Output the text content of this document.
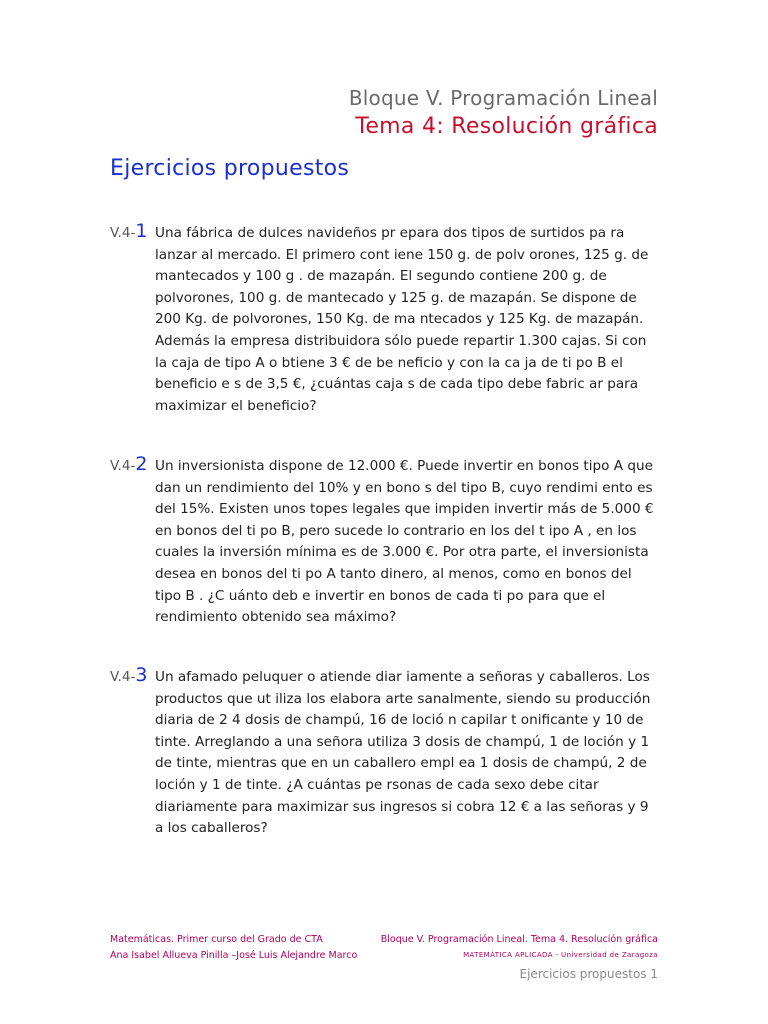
Bloque V. Programación Lineal
Tema 4: Resolución gráfica
Ejercicios propuestos
V.4-1 Una fábrica de dulces navideños pr epara dos tipos de surtidos pa ra
lanzar al mercado. El primero cont iene 150 g. de polv orones, 125 g. de
mantecados y 100 g . de mazapán. El segundo contiene 200 g. de
polvorones, 100 g. de mantecado y 125 g. de mazapán. Se dispone de
200 Kg. de polvorones, 150 Kg. de ma ntecados y 125 Kg. de mazapán.
Además la empresa distribuidora sólo puede repartir 1.300 cajas. Si con
la caja de tipo A o btiene 3 € de be neficio y con la ca ja de ti po B el
beneficio e s de 3,5 €, ¿cuántas caja s de cada tipo debe fabric ar para
maximizar el beneficio?
V.4-2 Un inversionista dispone de 12.000 €. Puede invertir en bonos tipo A que
dan un rendimiento del 10% y en bono s del tipo B, cuyo rendimi ento es
del 15%. Existen unos topes legales que impiden invertir más de 5.000 €
en bonos del ti po B, pero sucede lo contrario en los del t ipo A , en los
cuales la inversión mínima es de 3.000 €. Por otra parte, el inversionista
desea en bonos del ti po A tanto dinero, al menos, como en bonos del
tipo B . ¿C uánto deb e invertir en bonos de cada ti po para que el
rendimiento obtenido sea máximo?
V.4-3 Un afamado peluquer o atiende diar iamente a señoras y caballeros. Los
productos que ut iliza los elabora arte sanalmente, siendo su producción
diaria de 2 4 dosis de champú, 16 de loció n capilar t onificante y 10 de
tinte. Arreglando a una señora utiliza 3 dosis de champú, 1 de loción y 1
de tinte, mientras que en un caballero empl ea 1 dosis de champú, 2 de
loción y 1 de tinte. ¿A cuántas pe rsonas de cada sexo debe citar
diariamente para maximizar sus ingresos si cobra 12 € a las señoras y 9
a los caballeros?
Matemáticas. Primer curso del Grado de CTA
Ana Isabel Allueva Pinilla –José Luis Alejandre Marco
Bloque V. Programación Lineal. Tema 4. Resolución gráfica
MATEMÁTICA APLICADA - Universidad de Zaragoza
Ejercicios propuestos 1
